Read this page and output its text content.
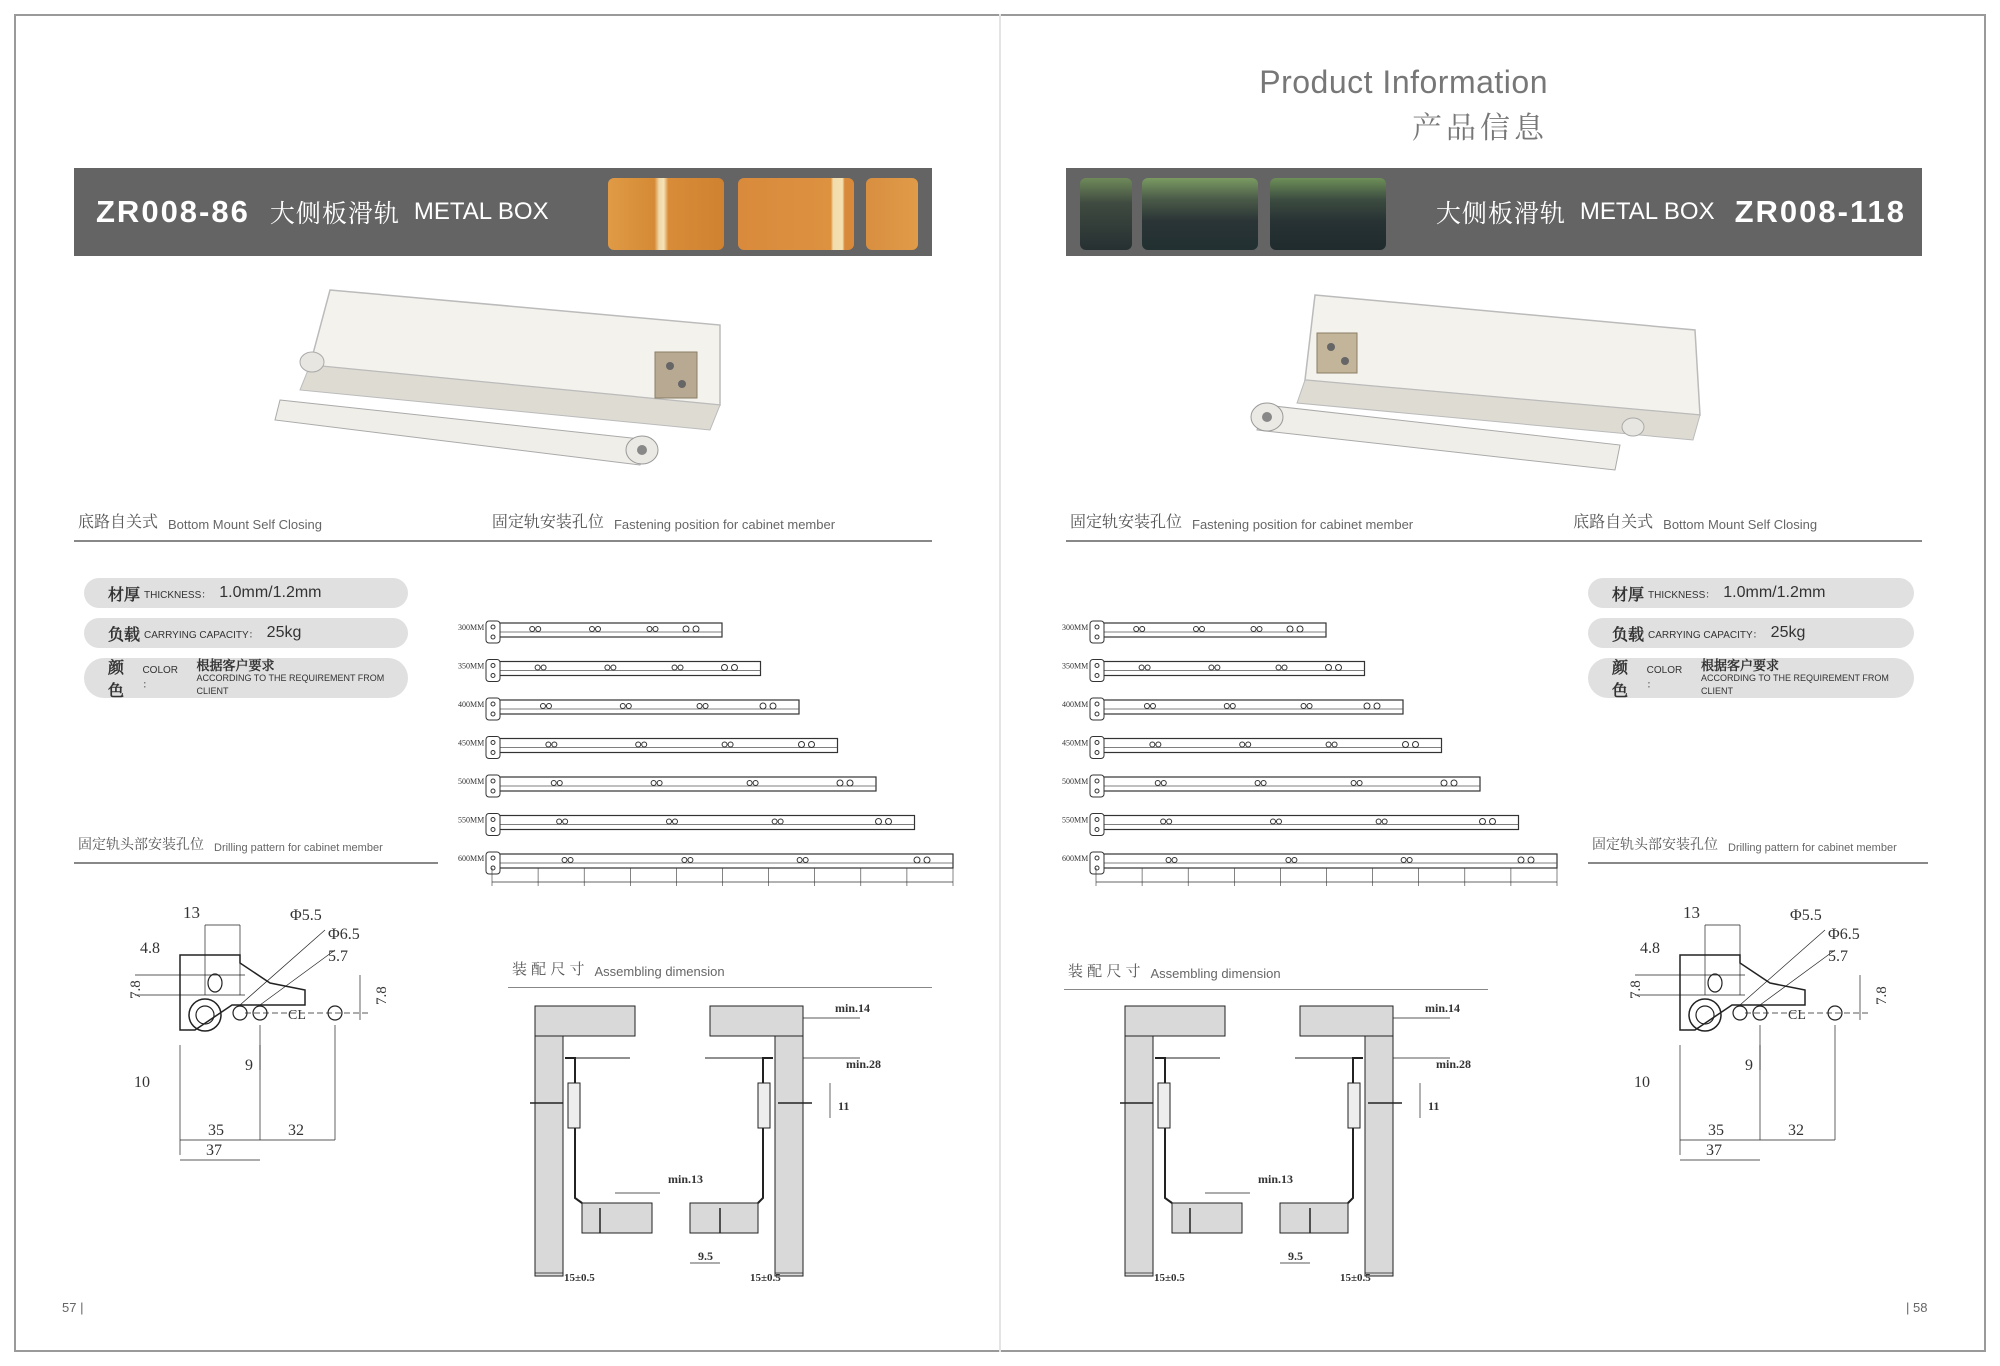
Product Information
产品信息
ZR008-86 大侧板滑轨 METAL BOX
底路自关式 Bottom Mount Self Closing	固定轨安装孔位 Fastening position for cabinet member
材厚 THICKNESS： 1.0mm/1.2mm
负载 CARRYING CAPACITY： 25kg
颜色
COLOR ：
根据客户要求
ACCORDING TO THE REQUIREMENT FROM CLIENT
300MM
350MM
400MM
450MM
500MM
550MM
600MM
固定轨头部安装孔位 Drilling pattern for cabinet member
13	Φ5.5
Φ6.5
4.8	5.7
7.8	7.8
CL
9
10
35	32
37
装 配 尺 寸 Assembling dimension
min.14
min.28
11
min.13
9.5
15±0.5	15±0.5
57 |
大侧板滑轨 METAL BOX ZR008-118
固定轨安装孔位 Fastening position for cabinet member	底路自关式 Bottom Mount Self Closing
材厚 THICKNESS： 1.0mm/1.2mm
负载 CARRYING CAPACITY： 25kg
颜色
COLOR ：
根据客户要求
ACCORDING TO THE REQUIREMENT FROM CLIENT
300MM
350MM
400MM
450MM
500MM
550MM
600MM
固定轨头部安装孔位 Drilling pattern for cabinet member
13	Φ5.5
Φ6.5
4.8	5.7
7.8	7.8
CL
9
10
35	32
37
装 配 尺 寸 Assembling dimension
min.14
min.28
11
min.13
9.5
15±0.5	15±0.5
| 58
